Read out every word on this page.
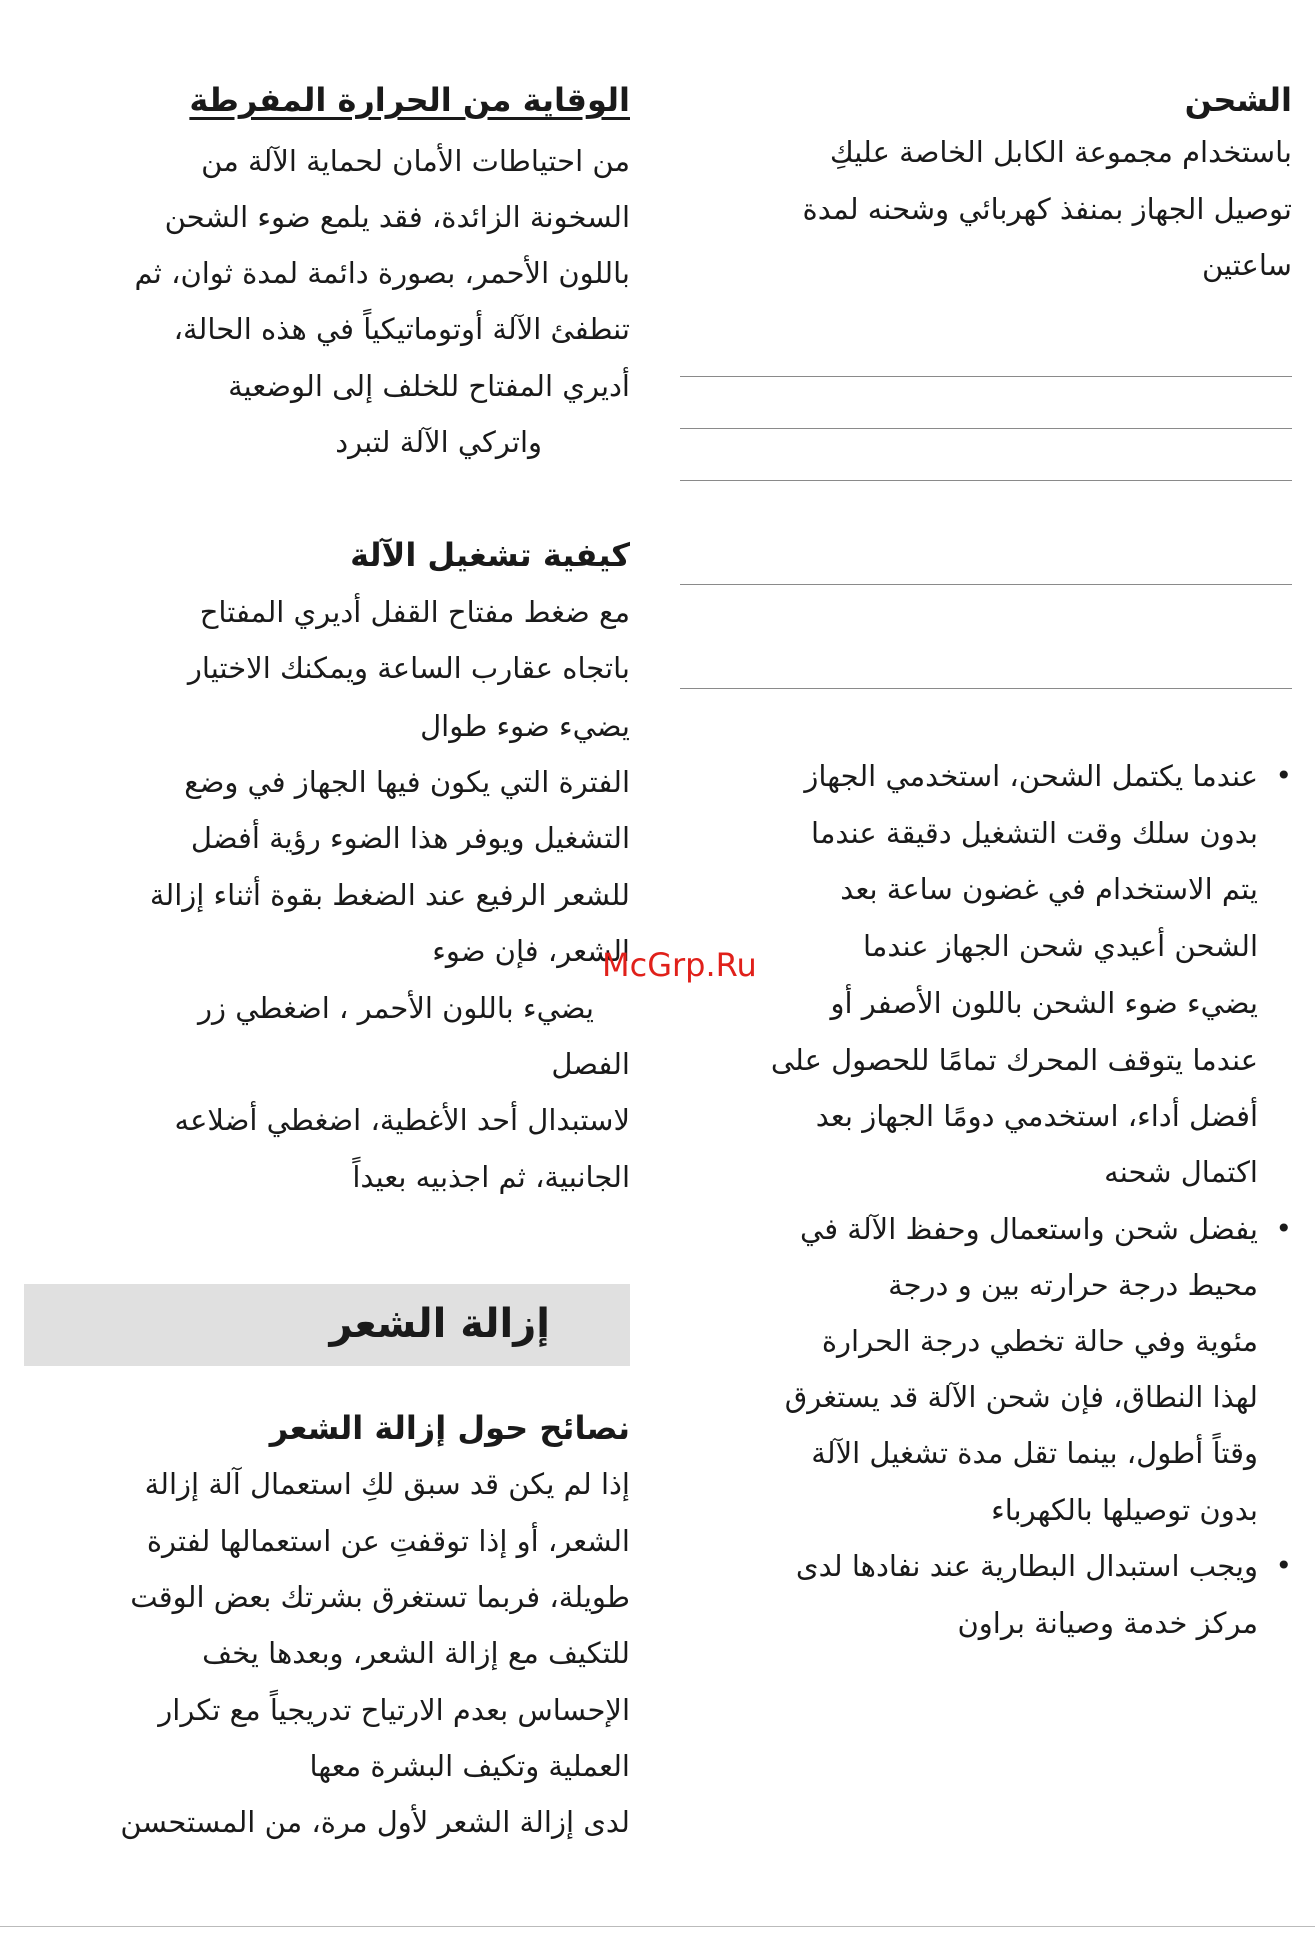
الشحن
باستخدام مجموعة الكابل الخاصة عليكِ
توصيل الجهاز بمنفذ كهربائي وشحنه لمدة
ساعتين
•
عندما يكتمل الشحن، استخدمي الجهاز
بدون سلك وقت التشغيل دقيقة عندما
يتم الاستخدام في غضون ساعة بعد
الشحن أعيدي شحن الجهاز عندما
يضيء ضوء الشحن باللون الأصفر أو
عندما يتوقف المحرك تمامًا للحصول على
أفضل أداء، استخدمي دومًا الجهاز بعد
اكتمال شحنه
•
يفضل شحن واستعمال وحفظ الآلة في
محيط درجة حرارته بين و درجة
مئوية وفي حالة تخطي درجة الحرارة
لهذا النطاق، فإن شحن الآلة قد يستغرق
وقتاً أطول، بينما تقل مدة تشغيل الآلة
بدون توصيلها بالكهرباء
•
ويجب استبدال البطارية عند نفادها لدى
مركز خدمة وصيانة براون
الوقاية من الحرارة المفرطة
من احتياطات الأمان لحماية الآلة من
السخونة الزائدة، فقد يلمع ضوء الشحن
باللون الأحمر، بصورة دائمة لمدة ثوان، ثم
تنطفئ الآلة أوتوماتيكياً في هذه الحالة،
أديري المفتاح للخلف إلى الوضعية
واتركي الآلة لتبرد
كيفية تشغيل الآلة
مع ضغط مفتاح القفل أديري المفتاح
باتجاه عقارب الساعة ويمكنك الاختيار
يضيء ضوء طوال
الفترة التي يكون فيها الجهاز في وضع
التشغيل ويوفر هذا الضوء رؤية أفضل
للشعر الرفيع عند الضغط بقوة أثناء إزالة
الشعر، فإن ضوء
يضيء باللون الأحمر ، اضغطي زر
الفصل
لاستبدال أحد الأغطية، اضغطي أضلاعه
الجانبية، ثم اجذبيه بعيداً
إزالة الشعر
نصائح حول إزالة الشعر
إذا لم يكن قد سبق لكِ استعمال آلة إزالة
الشعر، أو إذا توقفتِ عن استعمالها لفترة
طويلة، فربما تستغرق بشرتك بعض الوقت
للتكيف مع إزالة الشعر، وبعدها يخف
الإحساس بعدم الارتياح تدريجياً مع تكرار
العملية وتكيف البشرة معها
لدى إزالة الشعر لأول مرة، من المستحسن
McGrp.Ru
